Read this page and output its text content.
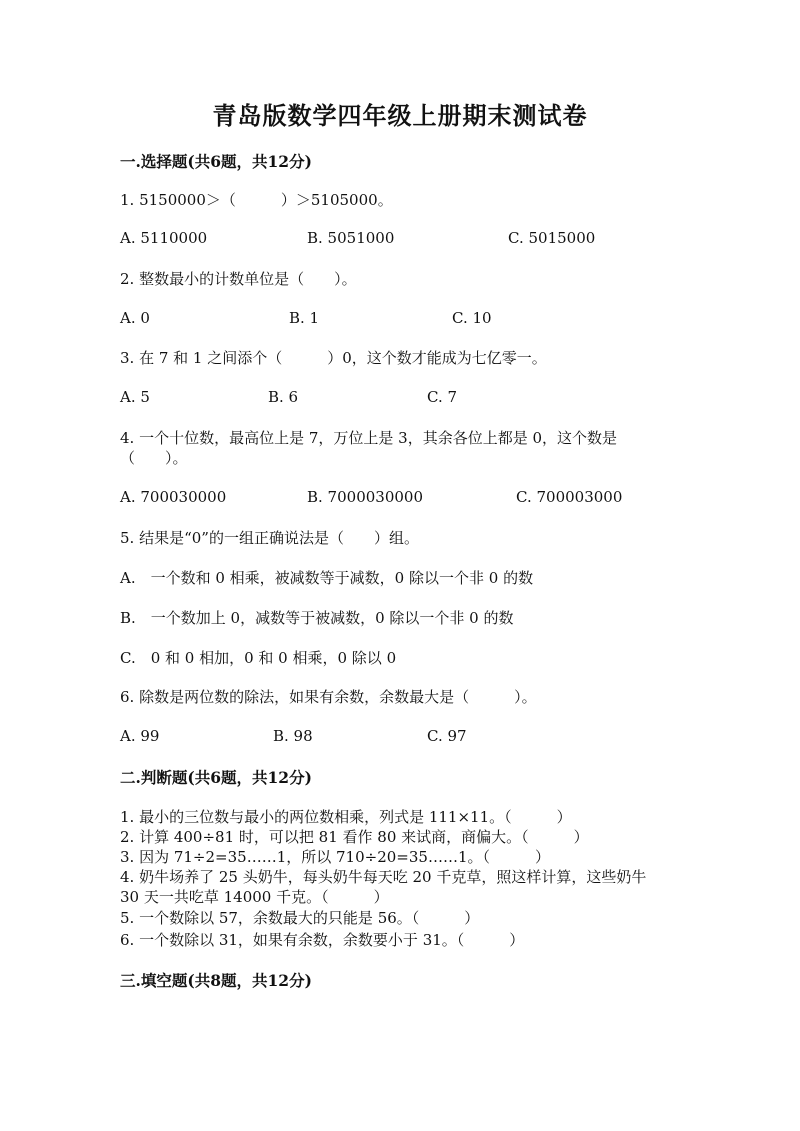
青岛版数学四年级上册期末测试卷
一.选择题(共6题，共12分)
1. 5150000＞（　　　）＞5105000。
A. 5110000	B. 5051000	C. 5015000
2. 整数最小的计数单位是（　　）。
A. 0	B. 1	C. 10
3. 在 7 和 1 之间添个（　　　）0，这个数才能成为七亿零一。
A. 5	B. 6	C. 7
4. 一个十位数，最高位上是 7，万位上是 3，其余各位上都是 0，这个数是
（　　）。
A. 700030000	B. 7000030000	C. 700003000
5. 结果是“0”的一组正确说法是（　　）组。
A.　一个数和 0 相乘，被减数等于减数，0 除以一个非 0 的数
B.　一个数加上 0，减数等于被减数，0 除以一个非 0 的数
C.　0 和 0 相加，0 和 0 相乘，0 除以 0
6. 除数是两位数的除法，如果有余数，余数最大是（　　　）。
A. 99	B. 98	C. 97
二.判断题(共6题，共12分)
1. 最小的三位数与最小的两位数相乘，列式是 111×11。（　　　）
2. 计算 400÷81 时，可以把 81 看作 80 来试商，商偏大。（　　　）
3. 因为 71÷2=35……1，所以 710÷20=35……1。（　　　）
4. 奶牛场养了 25 头奶牛，每头奶牛每天吃 20 千克草，照这样计算，这些奶牛
30 天一共吃草 14000 千克。（　　　）
5. 一个数除以 57，余数最大的只能是 56。（　　　）
6. 一个数除以 31，如果有余数，余数要小于 31。（　　　）
三.填空题(共8题，共12分)
